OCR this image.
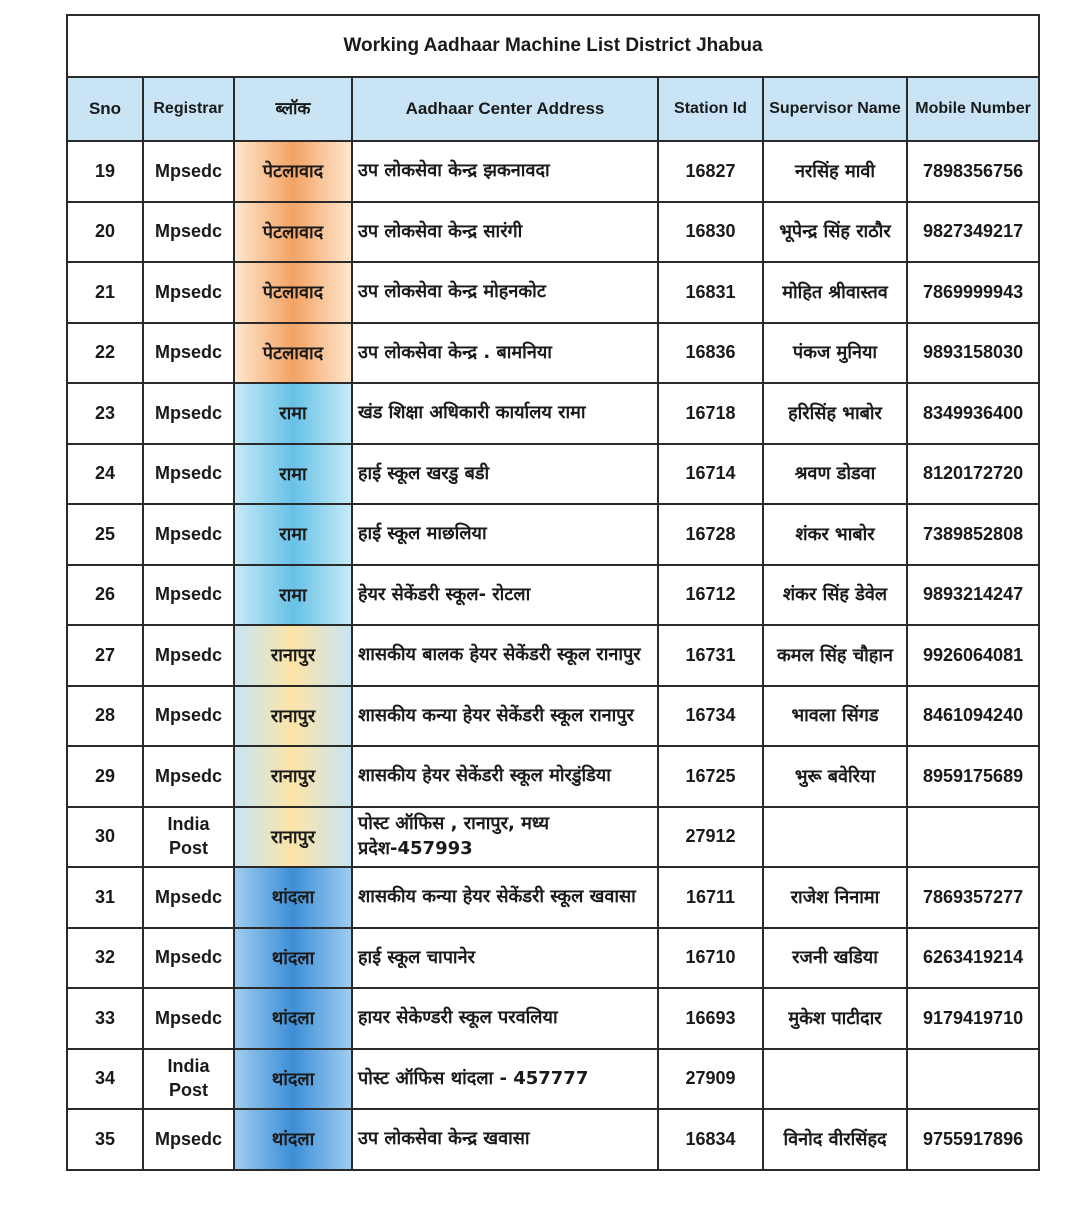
Working Aadhaar Machine List District Jhabua						
Sno	Registrar	ब्लॉक	Aadhaar Center Address	Station Id	Supervisor Name	Mobile Number
19	Mpsedc	पेटलावाद	उप लोकसेवा केन्द्र झकनावदा	16827	नरसिंह मावी	7898356756
20	Mpsedc	पेटलावाद	उप लोकसेवा केन्द्र सारंगी	16830	भूपेन्द्र सिंह राठौर	9827349217
21	Mpsedc	पेटलावाद	उप लोकसेवा केन्द्र मोहनकोट	16831	मोहित श्रीवास्तव	7869999943
22	Mpsedc	पेटलावाद	उप लोकसेवा केन्द्र . बामनिया	16836	पंकज मुनिया	9893158030
23	Mpsedc	रामा	खंड शिक्षा अधिकारी कार्यालय रामा	16718	हरिसिंह भाबोर	8349936400
24	Mpsedc	रामा	हाई स्कूल खरडु बडी	16714	श्रवण डोडवा	8120172720
25	Mpsedc	रामा	हाई स्कूल माछलिया	16728	शंकर भाबोर	7389852808
26	Mpsedc	रामा	हेयर सेकेंडरी स्कूल- रोटला	16712	शंकर सिंह डेवेल	9893214247
27	Mpsedc	रानापुर	शासकीय बालक हेयर सेकेंडरी स्कूल रानापुर	16731	कमल सिंह चौहान	9926064081
28	Mpsedc	रानापुर	शासकीय कन्या हेयर सेकेंडरी स्कूल रानापुर	16734	भावला सिंगड	8461094240
29	Mpsedc	रानापुर	शासकीय हेयर सेकेंडरी स्कूल मोरडुंडिया	16725	भुरू बवेरिया	8959175689
30	India Post	रानापुर	पोस्ट ऑफिस , रानापुर, मध्य प्रदेश-457993	27912		
31	Mpsedc	थांदला	शासकीय कन्या हेयर सेकेंडरी स्कूल खवासा	16711	राजेश निनामा	7869357277
32	Mpsedc	थांदला	हाई स्कूल चापानेर	16710	रजनी खडिया	6263419214
33	Mpsedc	थांदला	हायर सेकेण्डरी स्कूल परवलिया	16693	मुकेश पाटीदार	9179419710
34	India Post	थांदला	पोस्ट ऑफिस थांदला - 457777	27909		
35	Mpsedc	थांदला	उप लोकसेवा केन्द्र खवासा	16834	विनोद वीरसिंहद	9755917896
